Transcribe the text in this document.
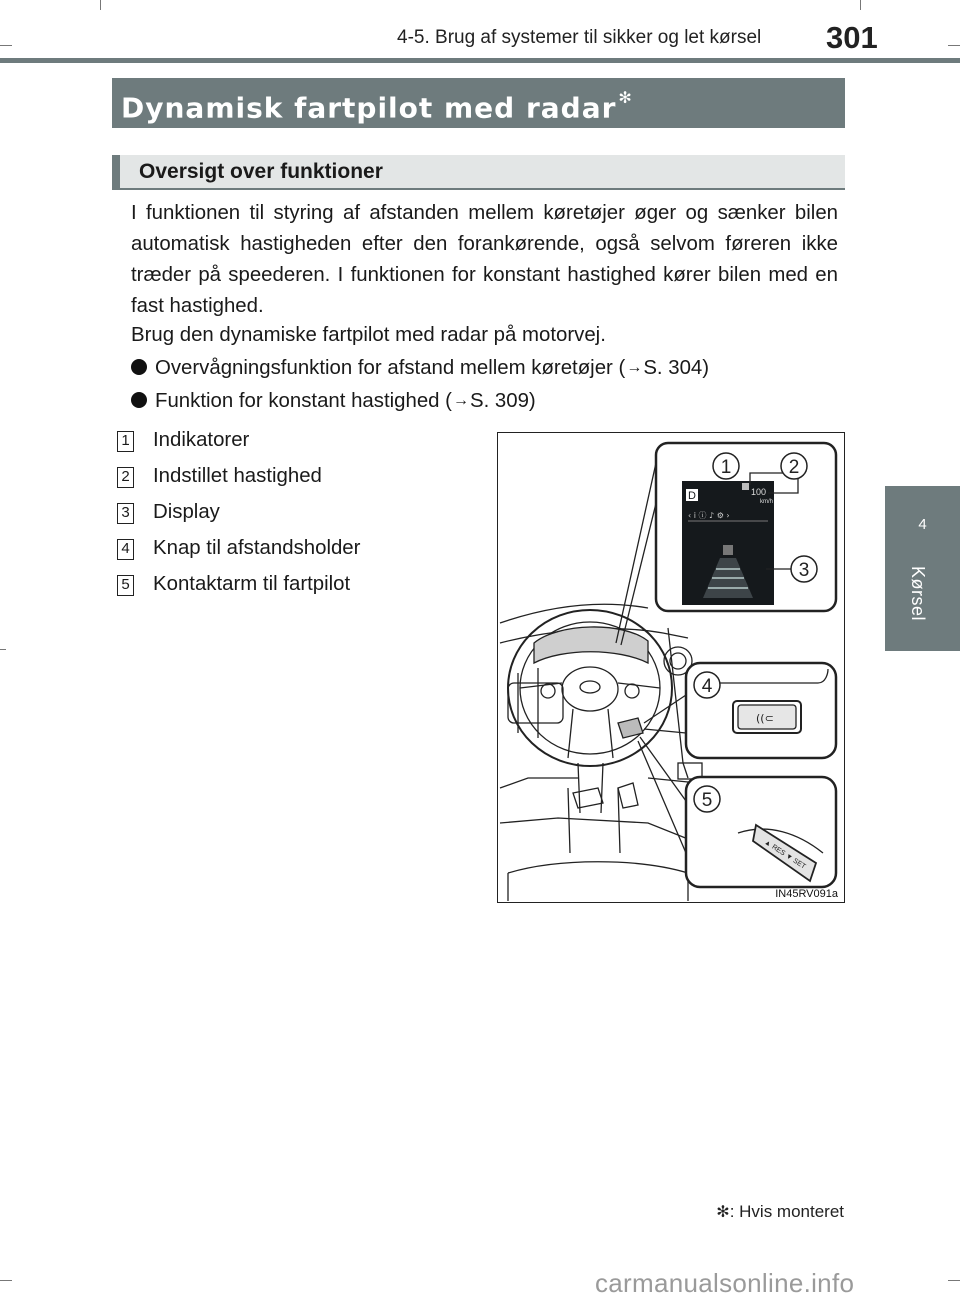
4-5. Brug af systemer til sikker og let kørsel 301
4
Kørsel
Dynamisk fartpilot med radar ✻
Oversigt over funktioner

I funktionen til styring af afstanden mellem køretøjer øger og sænker bilen automatisk hastigheden efter den forankørende, også selvom føreren ikke træder på speederen. I funktionen for konstant hastighed kører bilen med en fast hastighed.

Brug den dynamiske fartpilot med radar på motorvej.

Overvågningsfunktion for afstand mellem køretøjer (→S. 304)
Funktion for konstant hastighed (→S. 309)
1 Indikatorer
2 Indstillet hastighed
3 Display
4 Knap til afstandsholder
5 Kontaktarm til fartpilot
D	100
km/h
‹ i ⓘ ♪ ⚙ ›
((⊂
▲ RES ▼ SET
1	2
3
4
5
IN45RV091a
✻: Hvis monteret
carmanualsonline.info
